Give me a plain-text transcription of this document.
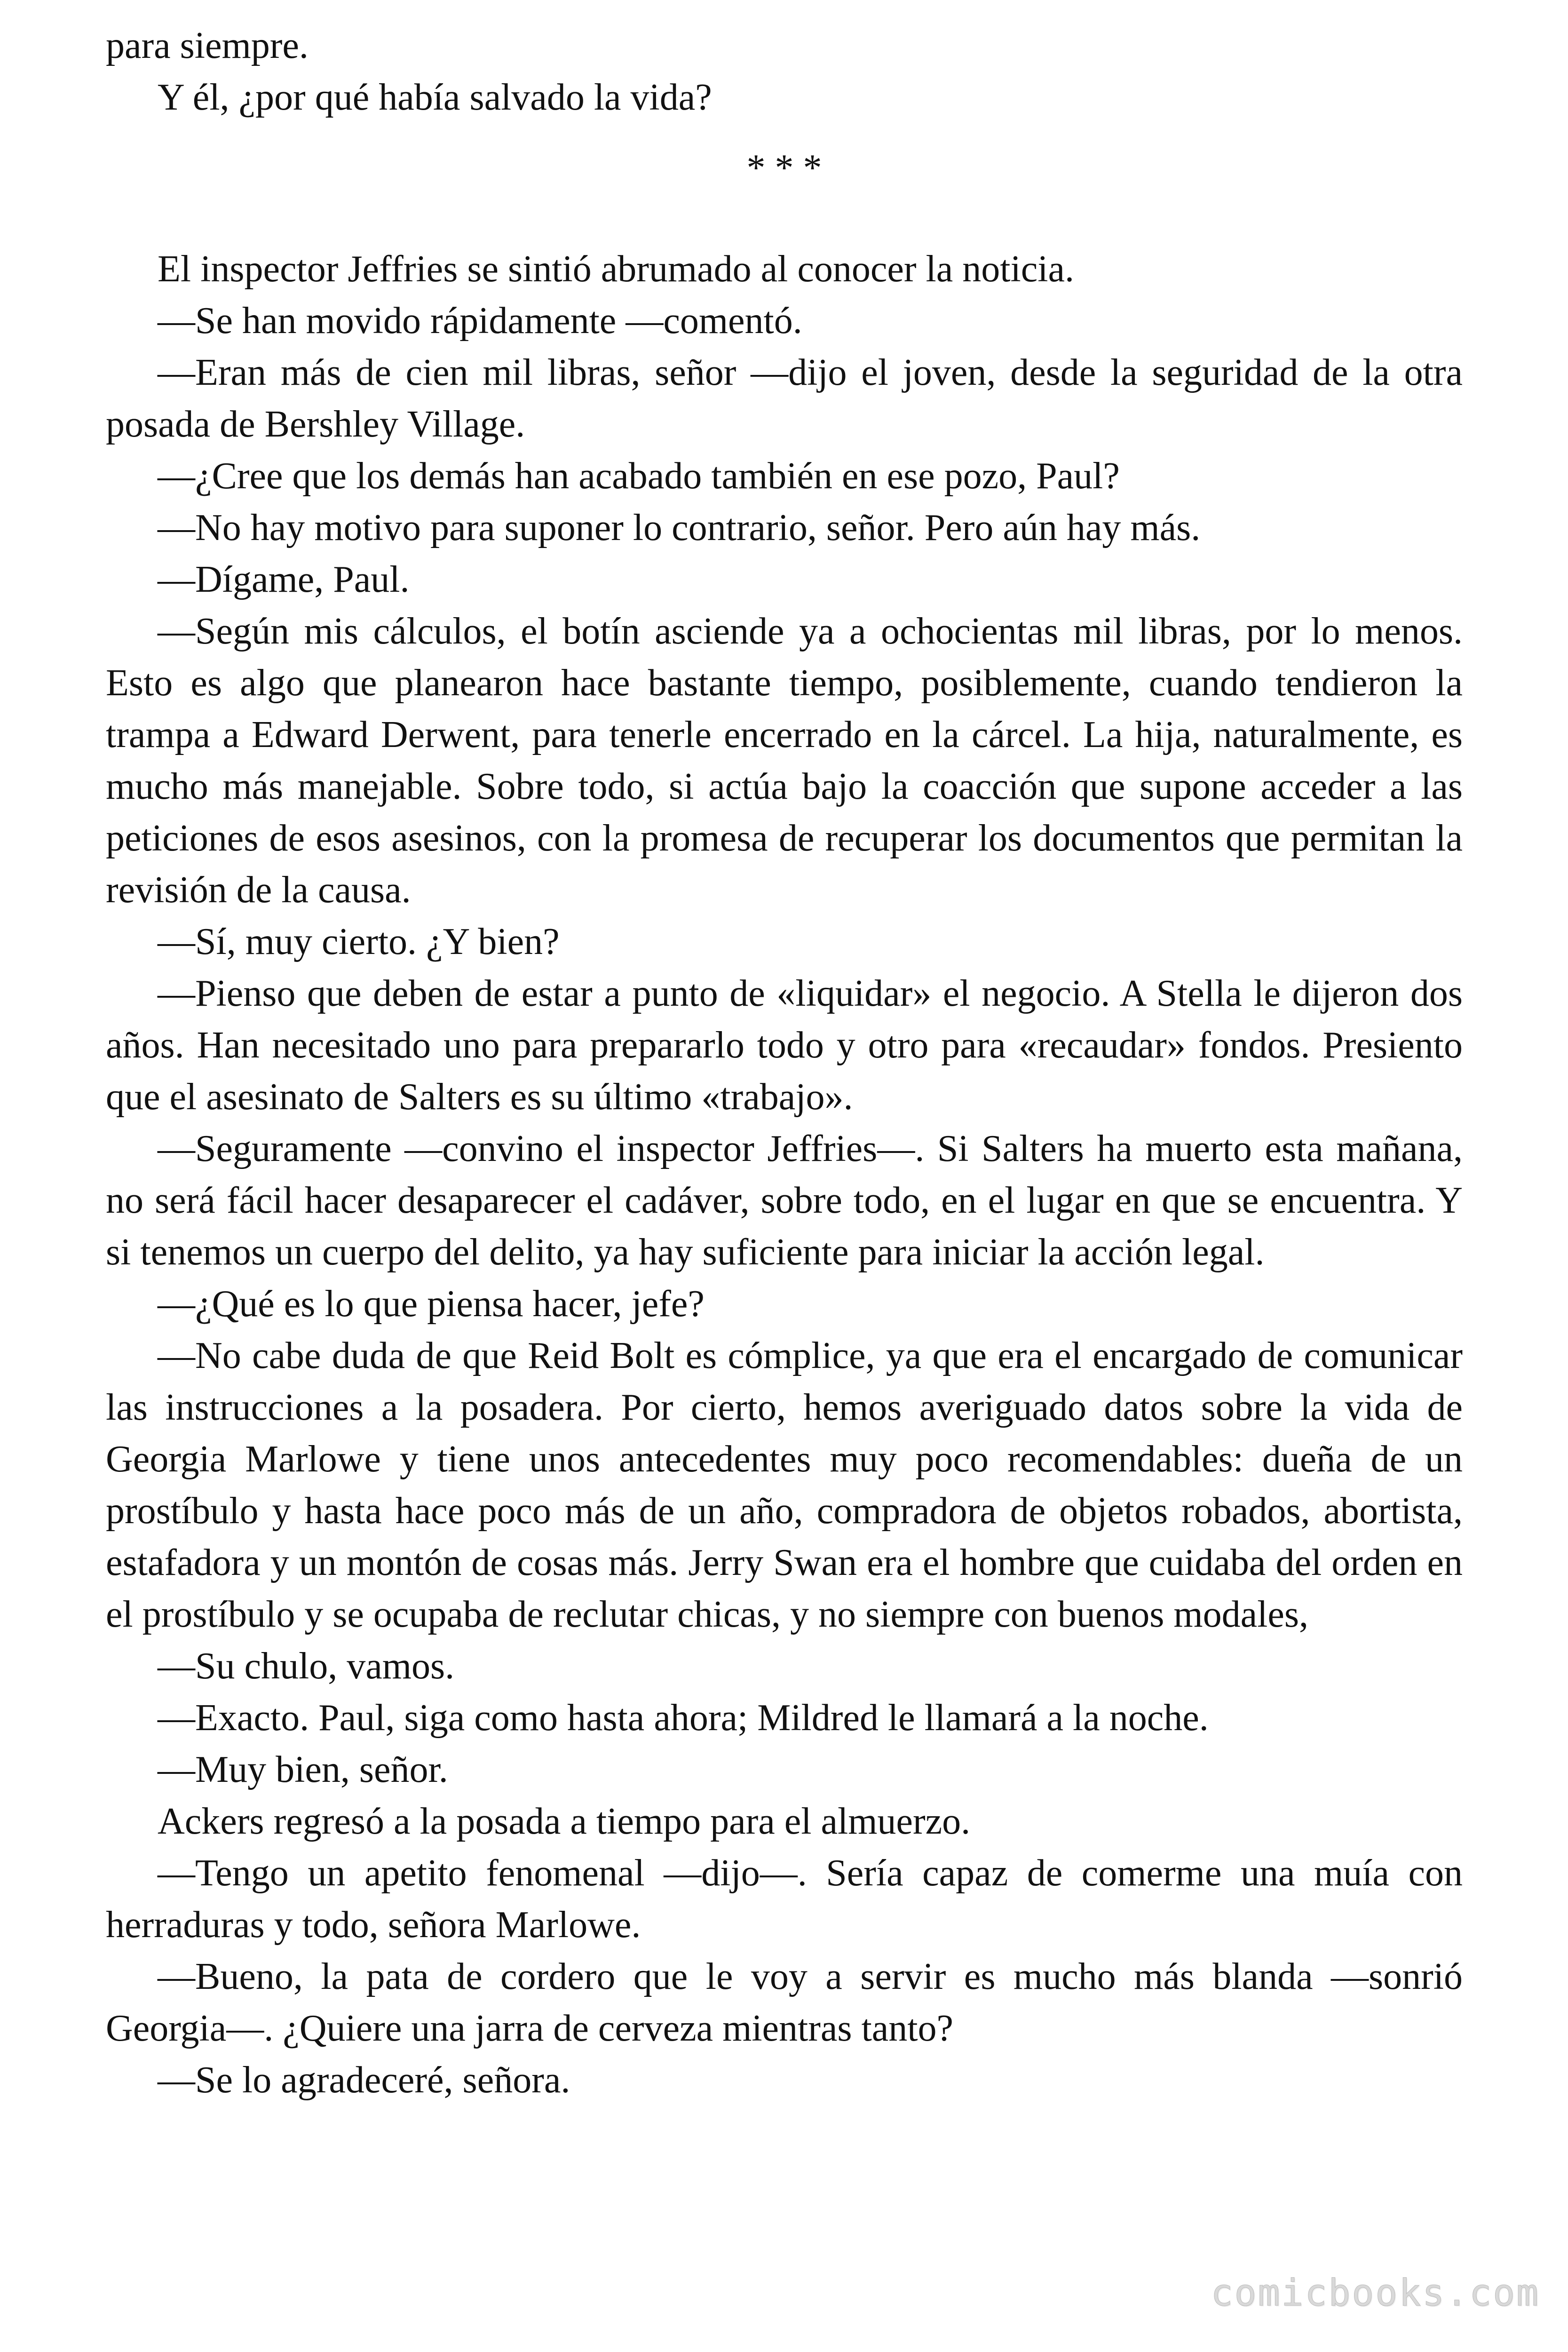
para siempre.

Y él, ¿por qué había salvado la vida?

* * *

El inspector Jeffries se sintió abrumado al conocer la noticia.

—Se han movido rápidamente —comentó.

—Eran más de cien mil libras, señor —dijo el joven, desde la seguridad de la otra posada de Bershley Village.

—¿Cree que los demás han acabado también en ese pozo, Paul?

—No hay motivo para suponer lo contrario, señor. Pero aún hay más.

—Dígame, Paul.

—Según mis cálculos, el botín asciende ya a ochocientas mil libras, por lo menos. Esto es algo que planearon hace bastante tiempo, posiblemente, cuando tendieron la trampa a Edward Derwent, para tenerle encerrado en la cárcel. La hija, naturalmente, es mucho más manejable. Sobre todo, si actúa bajo la coacción que supone acceder a las peticiones de esos asesinos, con la promesa de recuperar los documentos que permitan la revisión de la causa.

—Sí, muy cierto. ¿Y bien?

—Pienso que deben de estar a punto de «liquidar» el negocio. A Stella le dijeron dos años. Han necesitado uno para prepararlo todo y otro para «recaudar» fondos. Presiento que el asesinato de Salters es su último «trabajo».

—Seguramente —convino el inspector Jeffries—. Si Salters ha muerto esta mañana, no será fácil hacer desaparecer el cadáver, sobre todo, en el lugar en que se encuentra. Y si tenemos un cuerpo del delito, ya hay suficiente para iniciar la acción legal.

—¿Qué es lo que piensa hacer, jefe?

—No cabe duda de que Reid Bolt es cómplice, ya que era el encargado de comunicar las instrucciones a la posadera. Por cierto, hemos averiguado datos sobre la vida de Georgia Marlowe y tiene unos antecedentes muy poco recomendables: dueña de un prostíbulo y hasta hace poco más de un año, compradora de objetos robados, abortista, estafadora y un montón de cosas más. Jerry Swan era el hombre que cuidaba del orden en el prostíbulo y se ocupaba de reclutar chicas, y no siempre con buenos modales,

—Su chulo, vamos.

—Exacto. Paul, siga como hasta ahora; Mildred le llamará a la noche.

—Muy bien, señor.

Ackers regresó a la posada a tiempo para el almuerzo.

—Tengo un apetito fenomenal —dijo—. Sería capaz de comerme una muía con herraduras y todo, señora Marlowe.

—Bueno, la pata de cordero que le voy a servir es mucho más blanda —sonrió Georgia—. ¿Quiere una jarra de cerveza mientras tanto?

—Se lo agradeceré, señora.

comicbooks.com
